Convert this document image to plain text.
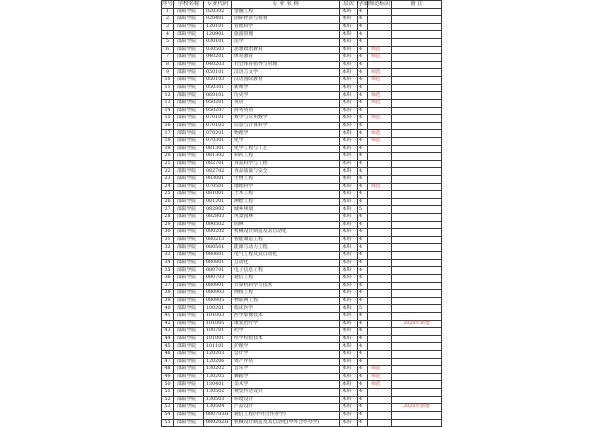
序号	学校名称	专业代码	专 业 名 称	层次	学制	师范标识	备 注
1	邵阳学院	020302	金融工程	本科	4		
2	邵阳学院	020401	国际经济与贸易	本科	4		
3	邵阳学院	120101	管理科学	本科	4		
4	邵阳学院	120901	旅游管理	本科	4		
5	邵阳学院	030101	法学	本科	4		
6	邵阳学院	030503	思想政治教育	本科	4	师范	
7	邵阳学院	040201	体育教育	本科	4	师范	
8	邵阳学院	040203	社会体育指导与管理	本科	4		
9	邵阳学院	050101	汉语言文学	本科	4	师范	
10	邵阳学院	050103	汉语国际教育	本科	4	师范	
11	邵阳学院	050301	新闻学	本科	4		
12	邵阳学院	060101	历史学	本科	4	师范	
13	邵阳学院	050201	英语	本科	4	师范	
14	邵阳学院	050207	商务英语	本科	4		
15	邵阳学院	070101	数学与应用数学	本科	4	师范	
16	邵阳学院	070102	信息与计算科学	本科	4		
17	邵阳学院	070201	物理学	本科	4	师范	
18	邵阳学院	070301	化学	本科	4	师范	
19	邵阳学院	081301	化学工程与工艺	本科	4		
20	邵阳学院	081302	制药工程	本科	4		
21	邵阳学院	082701	食品科学与工程	本科	4		
22	邵阳学院	082702	食品质量与安全	本科	4		
23	邵阳学院	083001	生物工程	本科	4		
24	邵阳学院	070501	地理科学	本科	4	师范	
25	邵阳学院	081001	土木工程	本科	4		
26	邵阳学院	081201	测绘工程	本科	4		
27	邵阳学院	082802	城乡规划	本科	5		
28	邵阳学院	082803	风景园林	本科	4		
29	邵阳学院	090502	园林	本科	4		
30	邵阳学院	080202	机械设计制造及其自动化	本科	4		
31	邵阳学院	080213	智能制造工程	本科	4		
32	邵阳学院	080501	能源与动力工程	本科	4		
33	邵阳学院	080601	电气工程及其自动化	本科	4		
34	邵阳学院	080801	自动化	本科	4		
35	邵阳学院	080701	电子信息工程	本科	4		
36	邵阳学院	080703	通信工程	本科	4		
37	邵阳学院	080901	计算机科学与技术	本科	4		
38	邵阳学院	080903	网络工程	本科	4		
39	邵阳学院	080905	物联网工程	本科	4		
40	邵阳学院	100201	临床医学	本科	5		
41	邵阳学院	101003	医学影像技术	本科	4		
42	邵阳学院	101005	康复治疗学	本科	4		2020年新增
43	邵阳学院	100701	药学	本科	4		
44	邵阳学院	101001	医学检验技术	本科	4		
45	邵阳学院	101101	护理学	本科	4		
46	邵阳学院	120203	会计学	本科	4		
47	邵阳学院	120206	资产评估	本科	4		
48	邵阳学院	130202	音乐学	本科	4	师范	
49	邵阳学院	130205	舞蹈学	本科	4	师范	
50	邵阳学院	130401	美术学	本科	4	师范	
51	邵阳学院	130502	视觉传达设计	本科	4		
52	邵阳学院	130503	环境设计	本科	4		
53	邵阳学院	130504	产品设计	本科	4		2020年新增
54	邵阳学院	080703H	通信工程(中外合作办学)	本科	4		
55	邵阳学院	080202H	机械设计制造及其自动化(中外合作办学)	本科	4		
